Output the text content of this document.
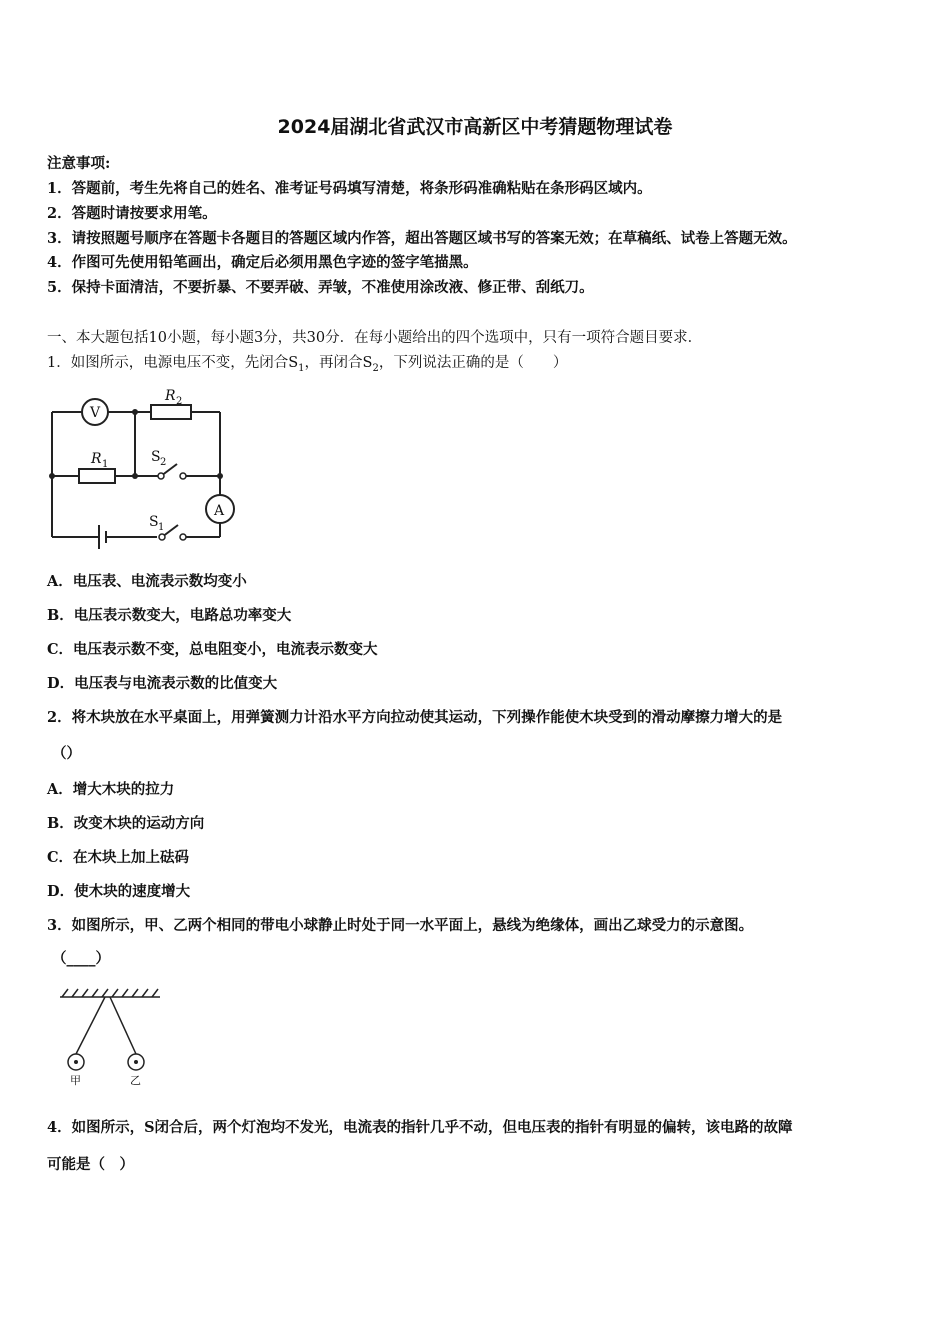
2024届湖北省武汉市高新区中考猜题物理试卷
注意事项:
1．答题前，考生先将自己的姓名、准考证号码填写清楚，将条形码准确粘贴在条形码区域内。
2．答题时请按要求用笔。
3．请按照题号顺序在答题卡各题目的答题区域内作答，超出答题区域书写的答案无效；在草稿纸、试卷上答题无效。
4．作图可先使用铅笔画出，确定后必须用黑色字迹的签字笔描黑。
5．保持卡面清洁，不要折暴、不要弄破、弄皱，不准使用涂改液、修正带、刮纸刀。
一、本大题包括10小题，每小题3分，共30分．在每小题给出的四个选项中，只有一项符合题目要求．
1．如图所示，电源电压不变，先闭合$S_1$，再闭合$S_2$，下列说法正确的是（　　）
V
A
R 2
R 1	S 2
S 1
A．电压表、电流表示数均变小
B．电压表示数变大，电路总功率变大
C．电压表示数不变，总电阻变小，电流表示数变大
D．电压表与电流表示数的比值变大
2．将木块放在水平桌面上，用弹簧测力计沿水平方向拉动使其运动，下列操作能使木块受到的滑动摩擦力增大的是
（）
A．增大木块的拉力
B．改变木块的运动方向
C．在木块上加上砝码
D．使木块的速度增大
3．如图所示，甲、乙两个相同的带电小球静止时处于同一水平面上，悬线为绝缘体，画出乙球受力的示意图。
（____）
甲	乙
4．如图所示，S闭合后，两个灯泡均不发光，电流表的指针几乎不动，但电压表的指针有明显的偏转，该电路的故障
可能是（　）
